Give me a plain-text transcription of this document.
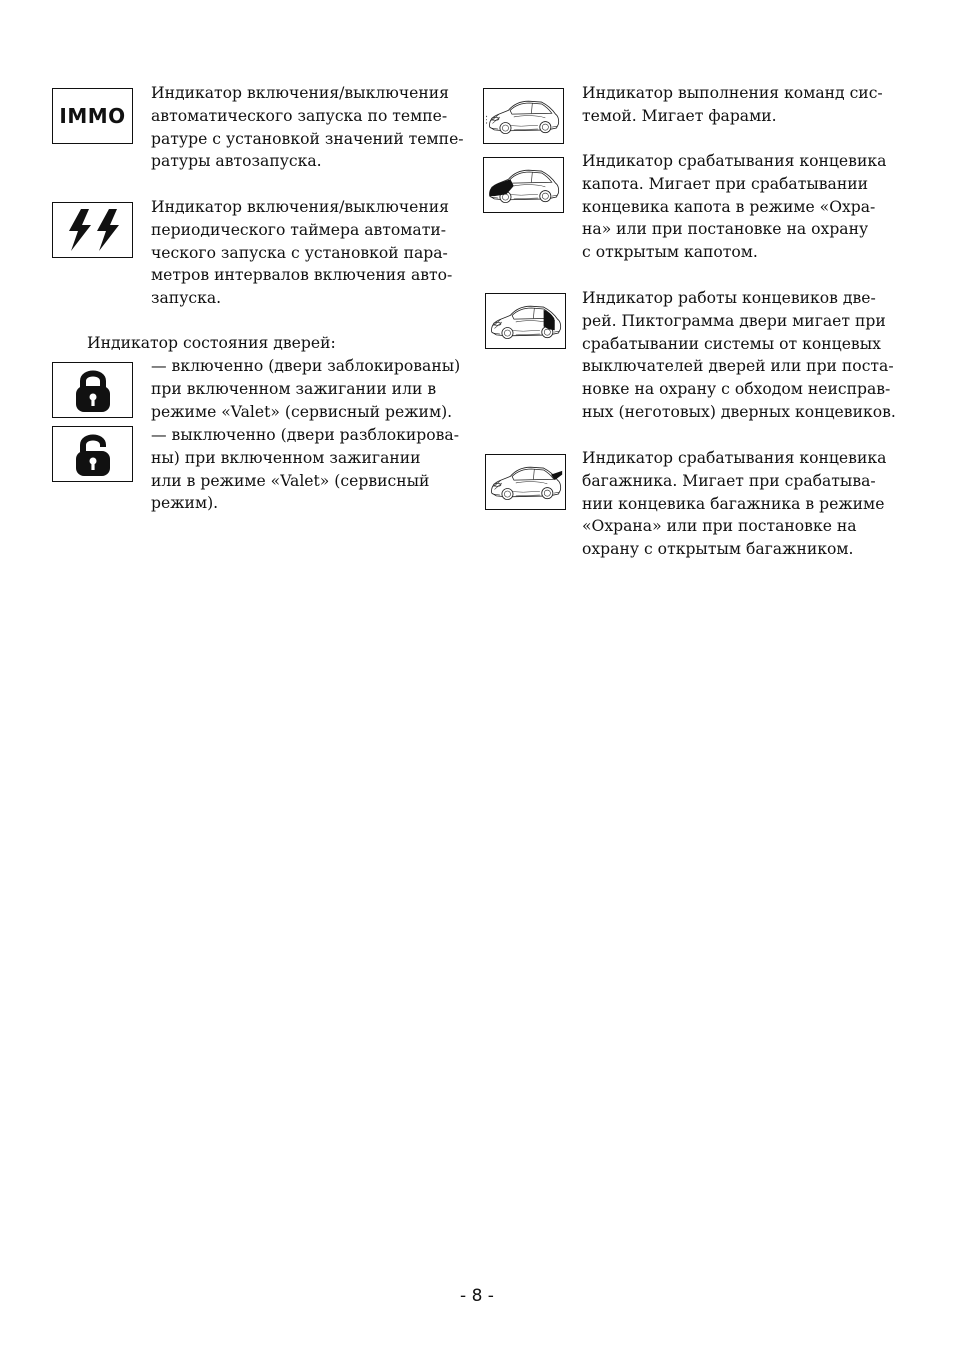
IMMO
Индикатор включения/выключения
автоматического запуска по темпе-
ратуре с установкой значений темпе-
ратуры автозапуска.
Индикатор включения/выключения
периодического таймера автомати-
ческого запуска с установкой пара-
метров интервалов включения авто-
запуска.
Индикатор состояния дверей:
— включенно (двери заблокированы)
при включенном зажигании или в
режиме «Valet» (сервисный режим).
— выключенно (двери разблокирова-
ны) при включенном зажигании
или в режиме «Valet» (сервисный
режим).
Индикатор выполнения команд сис-
темой. Мигает фарами.
Индикатор срабатывания концевика
капота. Мигает при срабатывании
концевика капота в режиме «Охра-
на» или при постановке на охрану
с открытым капотом.
Индикатор работы концевиков две-
рей. Пиктограмма двери мигает при
срабатывании системы от концевых
выключателей дверей или при поста-
новке на охрану с обходом неисправ-
ных (неготовых) дверных концевиков.
Индикатор срабатывания концевика
багажника. Мигает при срабатыва-
нии концевика багажника в режиме
«Охрана» или при постановке на
охрану с открытым багажником.
- 8 -
